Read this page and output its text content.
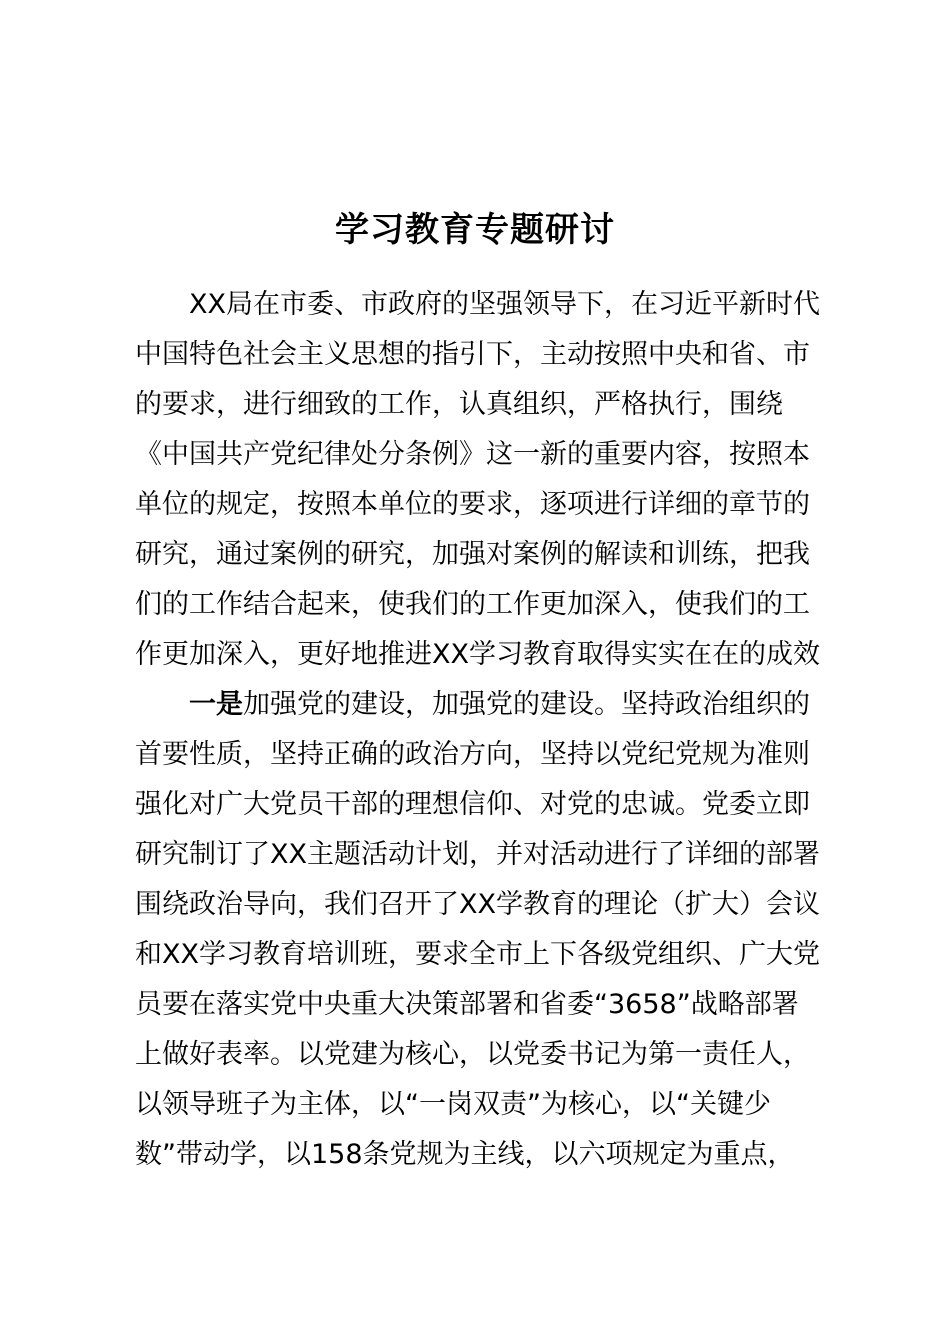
学习教育专题研讨
XX局在市委、市政府的坚强领导下，在习近平新时代
中国特色社会主义思想的指引下，主动按照中央和省、市
的要求，进行细致的工作，认真组织，严格执行，围绕
《中国共产党纪律处分条例》这一新的重要内容，按照本
单位的规定，按照本单位的要求，逐项进行详细的章节的
研究，通过案例的研究，加强对案例的解读和训练，把我
们的工作结合起来，使我们的工作更加深入，使我们的工
作更加深入，更好地推进XX学习教育取得实实在在的成效
一是加强党的建设，加强党的建设。坚持政治组织的
首要性质，坚持正确的政治方向，坚持以党纪党规为准则
强化对广大党员干部的理想信仰、对党的忠诚。党委立即
研究制订了XX主题活动计划，并对活动进行了详细的部署
围绕政治导向，我们召开了XX学教育的理论（扩大）会议
和XX学习教育培训班，要求全市上下各级党组织、广大党
员要在落实党中央重大决策部署和省委“3658”战略部署
上做好表率。以党建为核心，以党委书记为第一责任人，
以领导班子为主体，以“一岗双责”为核心，以“关键少
数”带动学，以158条党规为主线，以六项规定为重点，
